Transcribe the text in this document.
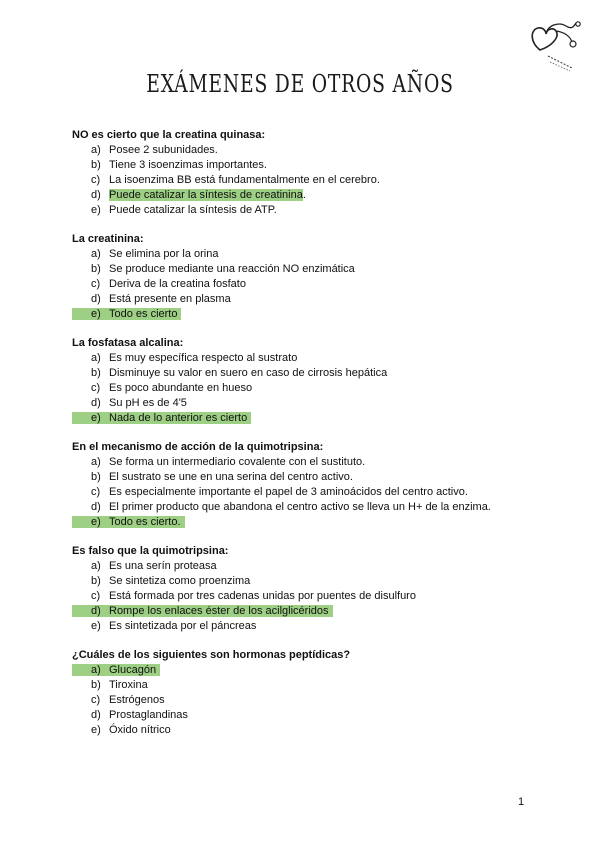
EXÁMENES DE OTROS AÑOS

NO es cierto que la creatina quinasa:

a) Posee 2 subunidades.
b) Tiene 3 isoenzimas importantes.
c) La isoenzima BB está fundamentalmente en el cerebro.
d) Puede catalizar la síntesis de creatinina.
e) Puede catalizar la síntesis de ATP.

La creatinina:

a) Se elimina por la orina
b) Se produce mediante una reacción NO enzimática
c) Deriva de la creatina fosfato
d) Está presente en plasma
e) Todo es cierto

La fosfatasa alcalina:

a) Es muy específica respecto al sustrato
b) Disminuye su valor en suero en caso de cirrosis hepática
c) Es poco abundante en hueso
d) Su pH es de 4'5
e) Nada de lo anterior es cierto

En el mecanismo de acción de la quimotripsina:

a) Se forma un intermediario covalente con el sustituto.
b) El sustrato se une en una serina del centro activo.
c) Es especialmente importante el papel de 3 aminoácidos del centro activo.
d) El primer producto que abandona el centro activo se lleva un H+ de la enzima.
e) Todo es cierto.

Es falso que la quimotripsina:

a) Es una serín proteasa
b) Se sintetiza como proenzima
c) Está formada por tres cadenas unidas por puentes de disulfuro
d) Rompe los enlaces éster de los acilglicéridos
e) Es sintetizada por el páncreas

¿Cuáles de los siguientes son hormonas peptídicas?

a) Glucagón
b) Tiroxina
c) Estrógenos
d) Prostaglandinas
e) Óxido nítrico
1
